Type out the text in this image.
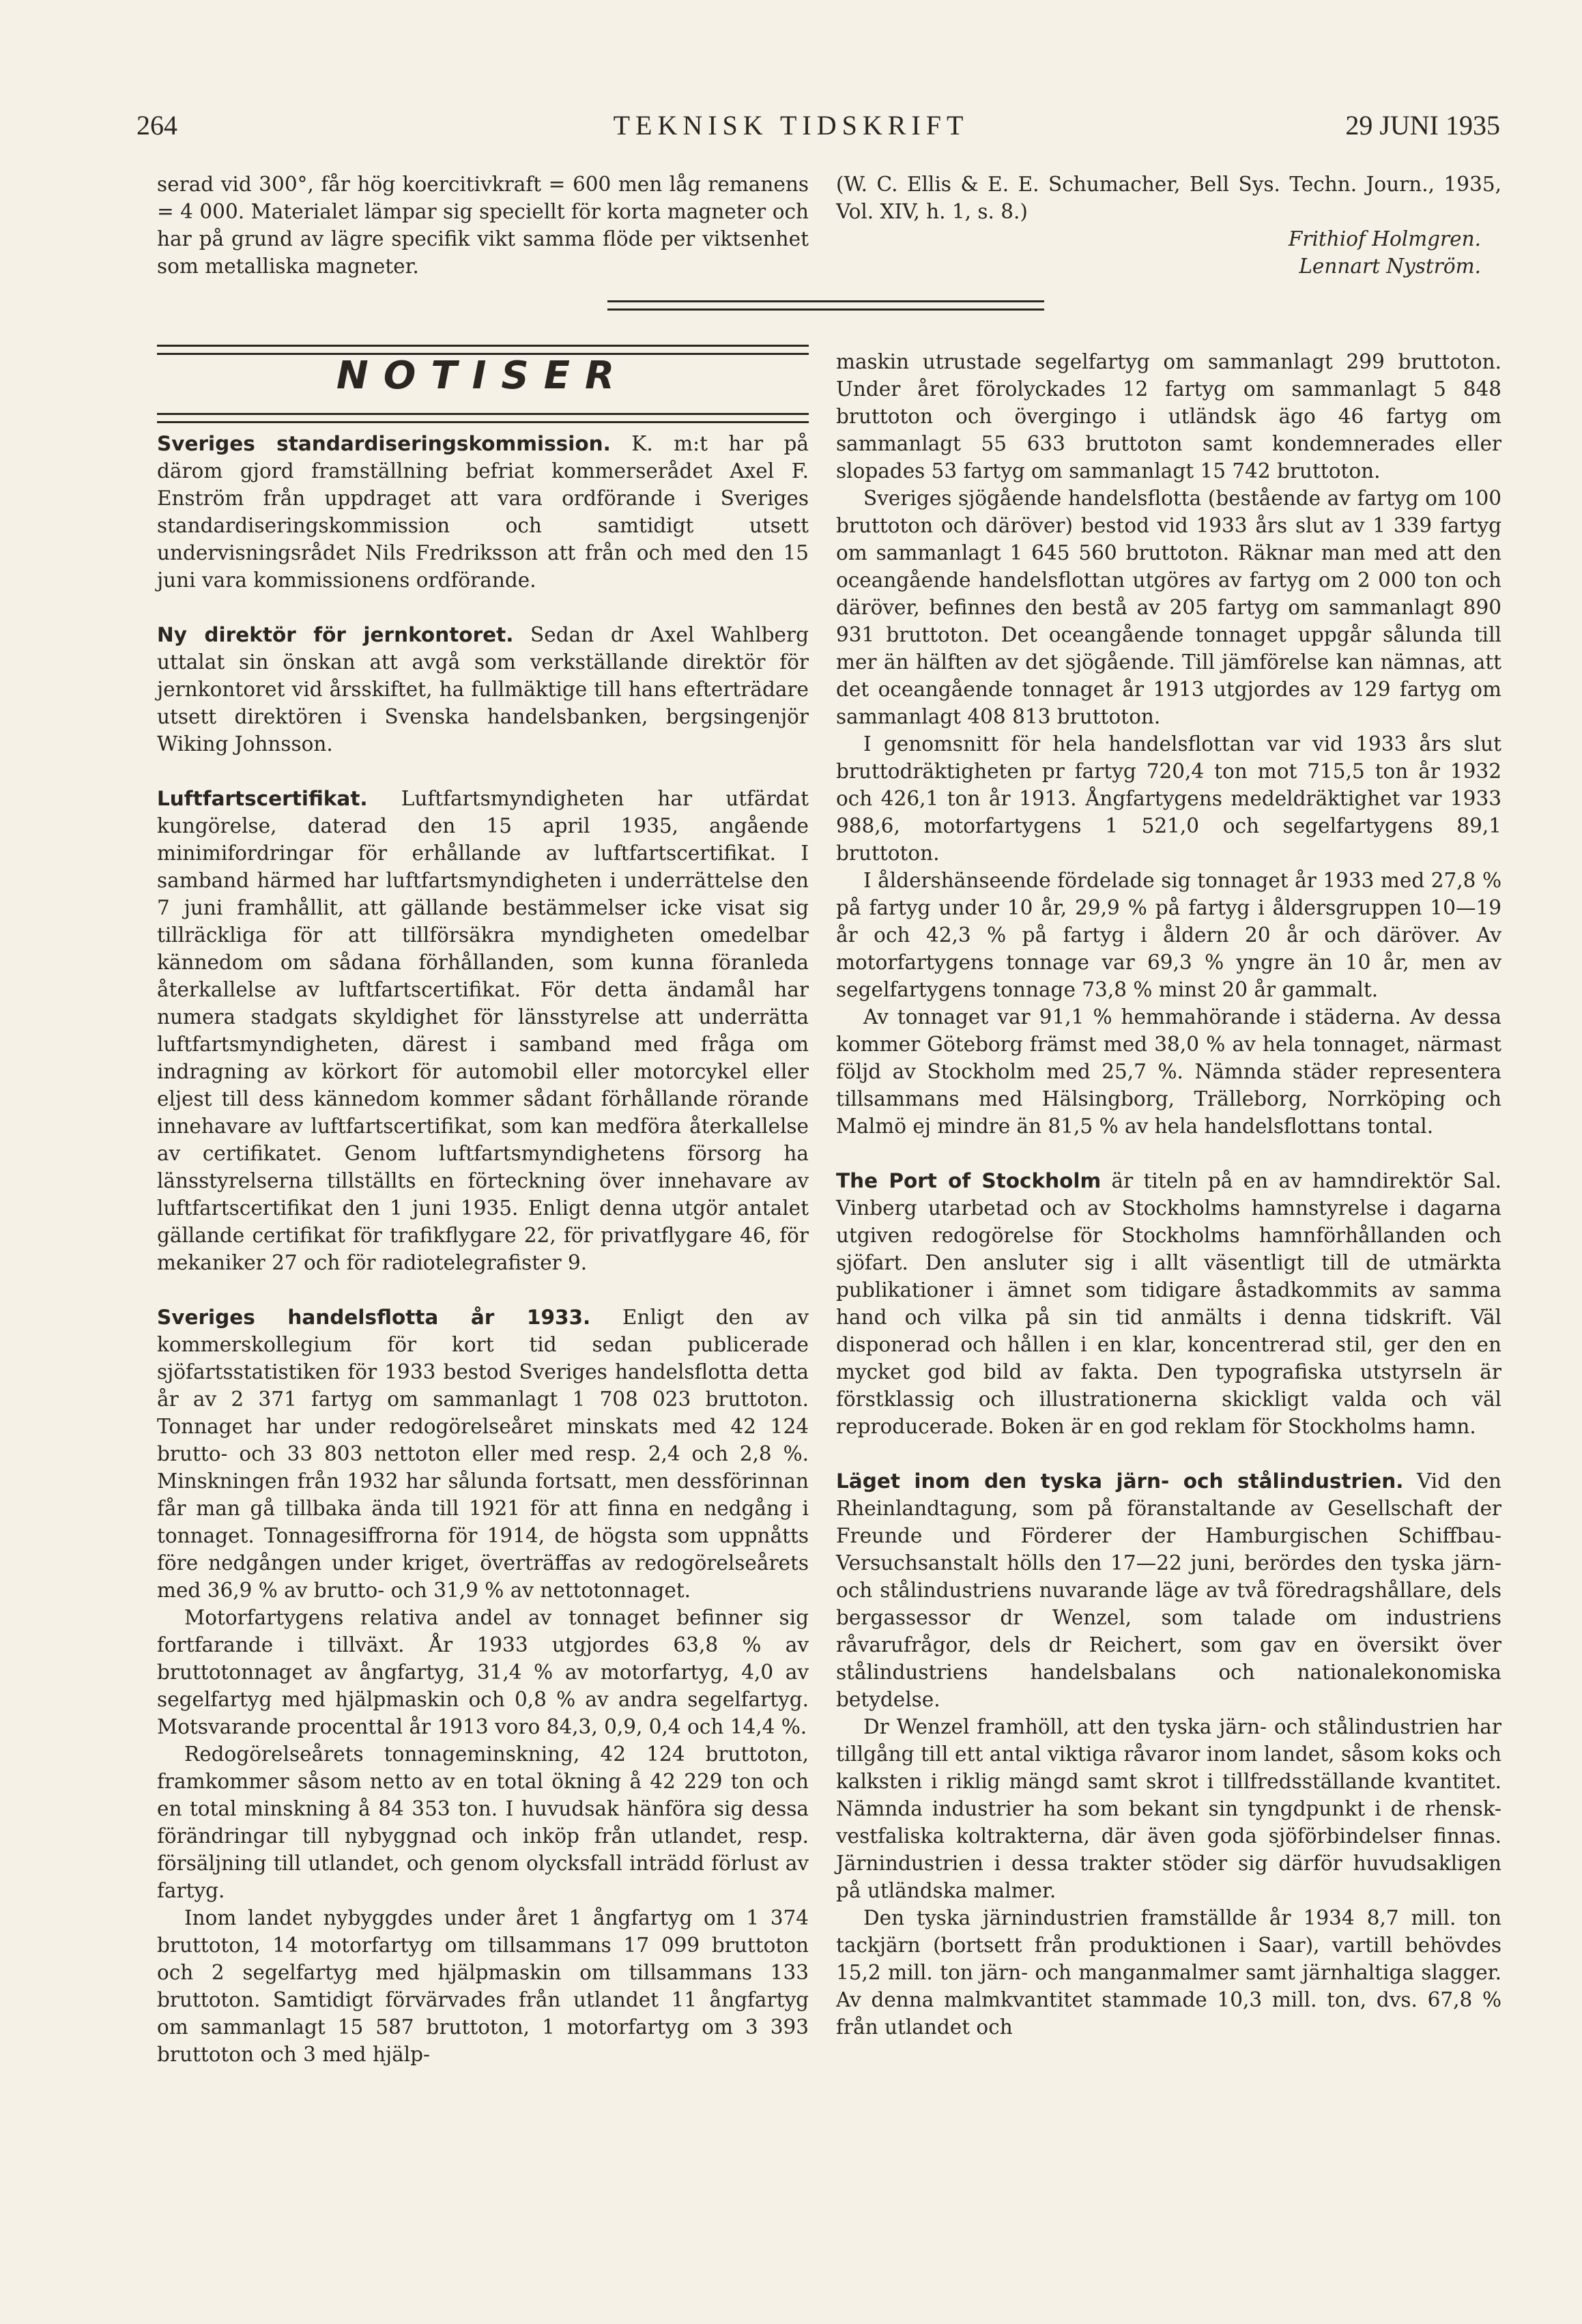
264	TEKNISK TIDSKRIFT	29 JUNI 1935

serad vid 300°, får hög koercitivkraft = 600 men låg remanens = 4 000. Materialet lämpar sig speciellt för korta magneter och har på grund av lägre specifik vikt samma flöde per viktsenhet som metalliska magneter.

(W. C. Ellis & E. E. Schumacher, Bell Sys. Techn. Journ., 1935, Vol. XIV, h. 1, s. 8.)

Frithiof Holmgren.

Lennart Nyström.

NOTISER

Sveriges standardiseringskommission. K. m:t har på därom gjord framställning befriat kommerserådet Axel F. Enström från uppdraget att vara ordförande i Sveriges standardiseringskommission och samtidigt utsett undervisningsrådet Nils Fredriksson att från och med den 15 juni vara kommissionens ordförande.

Ny direktör för jernkontoret. Sedan dr Axel Wahlberg uttalat sin önskan att avgå som verkställande direktör för jernkontoret vid årsskiftet, ha fullmäktige till hans efterträdare utsett direktören i Svenska handelsbanken, bergsingenjör Wiking Johnsson.

Luftfartscertifikat. Luftfartsmyndigheten har utfärdat kungörelse, daterad den 15 april 1935, angående minimifordringar för erhållande av luftfartscertifikat. I samband härmed har luftfartsmyndigheten i underrättelse den 7 juni framhållit, att gällande bestämmelser icke visat sig tillräckliga för att tillförsäkra myndigheten omedelbar kännedom om sådana förhållanden, som kunna föranleda återkallelse av luftfartscertifikat. För detta ändamål har numera stadgats skyldighet för länsstyrelse att underrätta luftfartsmyndigheten, därest i samband med fråga om indragning av körkort för automobil eller motorcykel eller eljest till dess kännedom kommer sådant förhållande rörande innehavare av luftfartscertifikat, som kan medföra återkallelse av certifikatet. Genom luftfartsmyndighetens försorg ha länsstyrelserna tillställts en förteckning över innehavare av luftfartscertifikat den 1 juni 1935. Enligt denna utgör antalet gällande certifikat för trafikflygare 22, för privatflygare 46, för mekaniker 27 och för radiotelegrafister 9.

Sveriges handelsflotta år 1933. Enligt den av kommerskollegium för kort tid sedan publicerade sjöfartsstatistiken för 1933 bestod Sveriges handelsflotta detta år av 2 371 fartyg om sammanlagt 1 708 023 bruttoton. Tonnaget har under redogörelseåret minskats med 42 124 brutto- och 33 803 nettoton eller med resp. 2,4 och 2,8 %. Minskningen från 1932 har sålunda fortsatt, men dessförinnan får man gå tillbaka ända till 1921 för att finna en nedgång i tonnaget. Tonnagesiffrorna för 1914, de högsta som uppnåtts före nedgången under kriget, överträffas av redogörelseårets med 36,9 % av brutto- och 31,9 % av nettotonnaget.

Motorfartygens relativa andel av tonnaget befinner sig fortfarande i tillväxt. År 1933 utgjordes 63,8 % av bruttotonnaget av ångfartyg, 31,4 % av motorfartyg, 4,0 av segelfartyg med hjälpmaskin och 0,8 % av andra segelfartyg. Motsvarande procenttal år 1913 voro 84,3, 0,9, 0,4 och 14,4 %.

Redogörelseårets tonnageminskning, 42 124 bruttoton, framkommer såsom netto av en total ökning å 42 229 ton och en total minskning å 84 353 ton. I huvudsak hänföra sig dessa förändringar till nybyggnad och inköp från utlandet, resp. försäljning till utlandet, och genom olycksfall inträdd förlust av fartyg.

Inom landet nybyggdes under året 1 ångfartyg om 1 374 bruttoton, 14 motorfartyg om tillsammans 17 099 bruttoton och 2 segelfartyg med hjälpmaskin om tillsammans 133 bruttoton. Samtidigt förvärvades från utlandet 11 ångfartyg om sammanlagt 15 587 bruttoton, 1 motorfartyg om 3 393 bruttoton och 3 med hjälp-

maskin utrustade segelfartyg om sammanlagt 299 bruttoton. Under året förolyckades 12 fartyg om sammanlagt 5 848 bruttoton och övergingo i utländsk ägo 46 fartyg om sammanlagt 55 633 bruttoton samt kondemnerades eller slopades 53 fartyg om sammanlagt 15 742 bruttoton.

Sveriges sjögående handelsflotta (bestående av fartyg om 100 bruttoton och däröver) bestod vid 1933 års slut av 1 339 fartyg om sammanlagt 1 645 560 bruttoton. Räknar man med att den oceangående handelsflottan utgöres av fartyg om 2 000 ton och däröver, befinnes den bestå av 205 fartyg om sammanlagt 890 931 bruttoton. Det oceangående tonnaget uppgår sålunda till mer än hälften av det sjögående. Till jämförelse kan nämnas, att det oceangående tonnaget år 1913 utgjordes av 129 fartyg om sammanlagt 408 813 bruttoton.

I genomsnitt för hela handelsflottan var vid 1933 års slut bruttodräktigheten pr fartyg 720,4 ton mot 715,5 ton år 1932 och 426,1 ton år 1913. Ångfartygens medeldräktighet var 1933 988,6, motorfartygens 1 521,0 och segelfartygens 89,1 bruttoton.

I åldershänseende fördelade sig tonnaget år 1933 med 27,8 % på fartyg under 10 år, 29,9 % på fartyg i åldersgruppen 10—19 år och 42,3 % på fartyg i åldern 20 år och däröver. Av motorfartygens tonnage var 69,3 % yngre än 10 år, men av segelfartygens tonnage 73,8 % minst 20 år gammalt.

Av tonnaget var 91,1 % hemmahörande i städerna. Av dessa kommer Göteborg främst med 38,0 % av hela tonnaget, närmast följd av Stockholm med 25,7 %. Nämnda städer representera tillsammans med Hälsingborg, Trälleborg, Norrköping och Malmö ej mindre än 81,5 % av hela handelsflottans tontal.

The Port of Stockholm är titeln på en av hamndirektör Sal. Vinberg utarbetad och av Stockholms hamnstyrelse i dagarna utgiven redogörelse för Stockholms hamnförhållanden och sjöfart. Den ansluter sig i allt väsentligt till de utmärkta publikationer i ämnet som tidigare åstadkommits av samma hand och vilka på sin tid anmälts i denna tidskrift. Väl disponerad och hållen i en klar, koncentrerad stil, ger den en mycket god bild av fakta. Den typografiska utstyrseln är förstklassig och illustrationerna skickligt valda och väl reproducerade. Boken är en god reklam för Stockholms hamn.

Läget inom den tyska järn- och stålindustrien. Vid den Rheinlandtagung, som på föranstaltande av Gesellschaft der Freunde und Förderer der Hamburgischen Schiffbau-Versuchsanstalt hölls den 17—22 juni, berördes den tyska järn- och stålindustriens nuvarande läge av två föredragshållare, dels bergassessor dr Wenzel, som talade om industriens råvarufrågor, dels dr Reichert, som gav en översikt över stålindustriens handelsbalans och nationalekonomiska betydelse.

Dr Wenzel framhöll, att den tyska järn- och stålindustrien har tillgång till ett antal viktiga råvaror inom landet, såsom koks och kalksten i riklig mängd samt skrot i tillfredsställande kvantitet. Nämnda industrier ha som bekant sin tyngdpunkt i de rhensk-vestfaliska koltrakterna, där även goda sjöförbindelser finnas. Järnindustrien i dessa trakter stöder sig därför huvudsakligen på utländska malmer.

Den tyska järnindustrien framställde år 1934 8,7 mill. ton tackjärn (bortsett från produktionen i Saar), vartill behövdes 15,2 mill. ton järn- och manganmalmer samt järnhaltiga slagger. Av denna malmkvantitet stammade 10,3 mill. ton, dvs. 67,8 % från utlandet och
